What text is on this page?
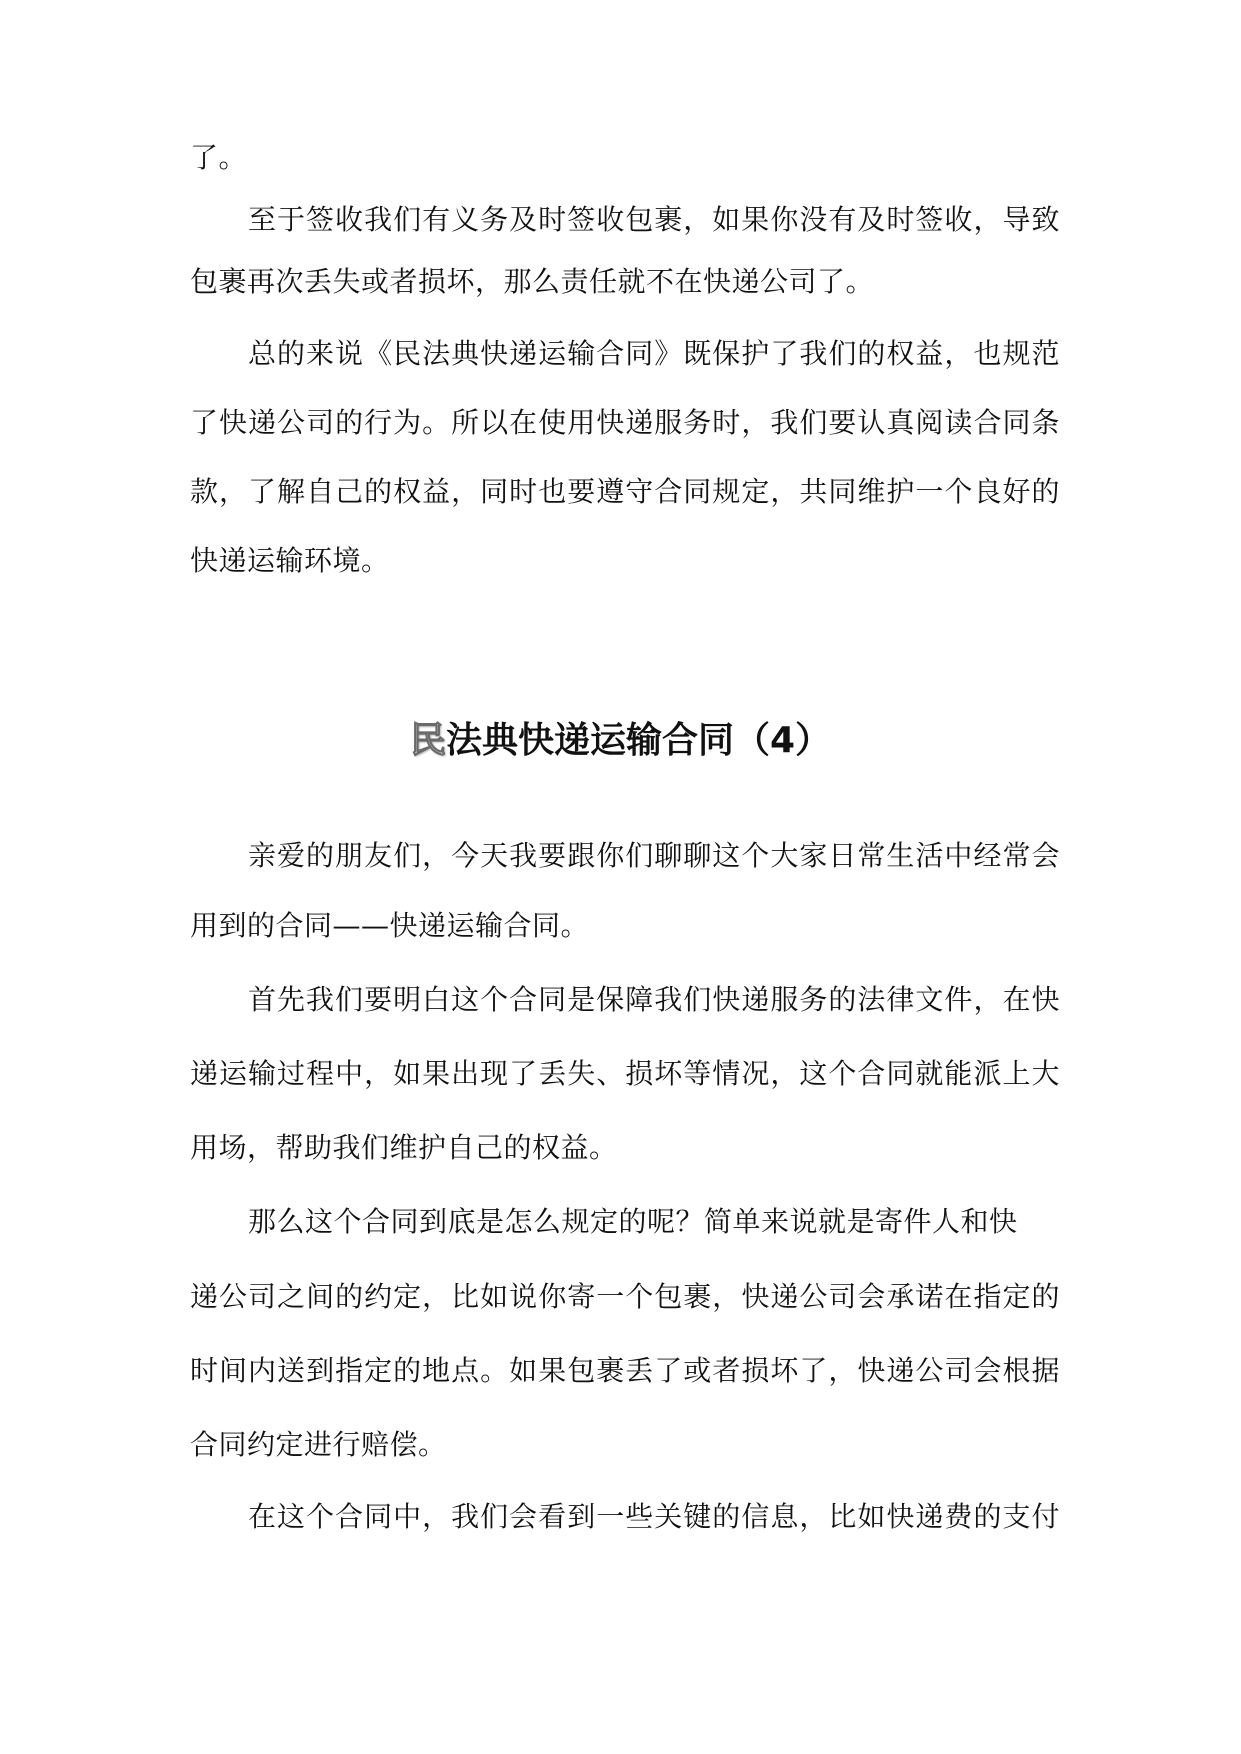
了。
至于签收我们有义务及时签收包裹，如果你没有及时签收，导致
包裹再次丢失或者损坏，那么责任就不在快递公司了。
总的来说《民法典快递运输合同》既保护了我们的权益，也规范
了快递公司的行为。所以在使用快递服务时，我们要认真阅读合同条
款，了解自己的权益，同时也要遵守合同规定，共同维护一个良好的
快递运输环境。
民法典快递运输合同（4）
亲爱的朋友们，今天我要跟你们聊聊这个大家日常生活中经常会
用到的合同——快递运输合同。
首先我们要明白这个合同是保障我们快递服务的法律文件，在快
递运输过程中，如果出现了丢失、损坏等情况，这个合同就能派上大
用场，帮助我们维护自己的权益。
那么这个合同到底是怎么规定的呢？简单来说就是寄件人和快
递公司之间的约定，比如说你寄一个包裹，快递公司会承诺在指定的
时间内送到指定的地点。如果包裹丢了或者损坏了，快递公司会根据
合同约定进行赔偿。
在这个合同中，我们会看到一些关键的信息，比如快递费的支付
